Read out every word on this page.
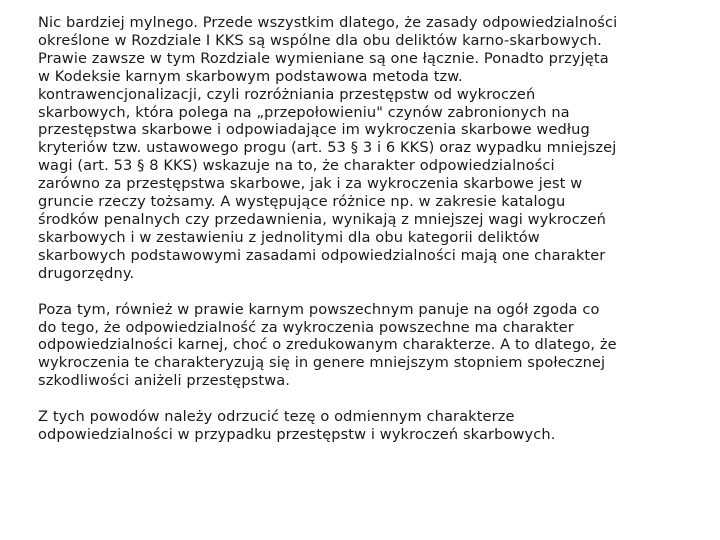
Nic bardziej mylnego. Przede wszystkim dlatego, że zasady odpowiedzialności
określone w Rozdziale I KKS są wspólne dla obu deliktów karno-skarbowych.
Prawie zawsze w tym Rozdziale wymieniane są one łącznie. Ponadto przyjęta
w Kodeksie karnym skarbowym podstawowa metoda tzw.
kontrawencjonalizacji, czyli rozróżniania przestępstw od wykroczeń
skarbowych, która polega na „przepołowieniu" czynów zabronionych na
przestępstwa skarbowe i odpowiadające im wykroczenia skarbowe według
kryteriów tzw. ustawowego progu (art. 53 § 3 i 6 KKS) oraz wypadku mniejszej
wagi (art. 53 § 8 KKS) wskazuje na to, że charakter odpowiedzialności
zarówno za przestępstwa skarbowe, jak i za wykroczenia skarbowe jest w
gruncie rzeczy tożsamy. A występujące różnice np. w zakresie katalogu
środków penalnych czy przedawnienia, wynikają z mniejszej wagi wykroczeń
skarbowych i w zestawieniu z jednolitymi dla obu kategorii deliktów
skarbowych podstawowymi zasadami odpowiedzialności mają one charakter
drugorzędny.

Poza tym, również w prawie karnym powszechnym panuje na ogół zgoda co
do tego, że odpowiedzialność za wykroczenia powszechne ma charakter
odpowiedzialności karnej, choć o zredukowanym charakterze. A to dlatego, że
wykroczenia te charakteryzują się in genere mniejszym stopniem społecznej
szkodliwości aniżeli przestępstwa.

Z tych powodów należy odrzucić tezę o odmiennym charakterze
odpowiedzialności w przypadku przestępstw i wykroczeń skarbowych.
